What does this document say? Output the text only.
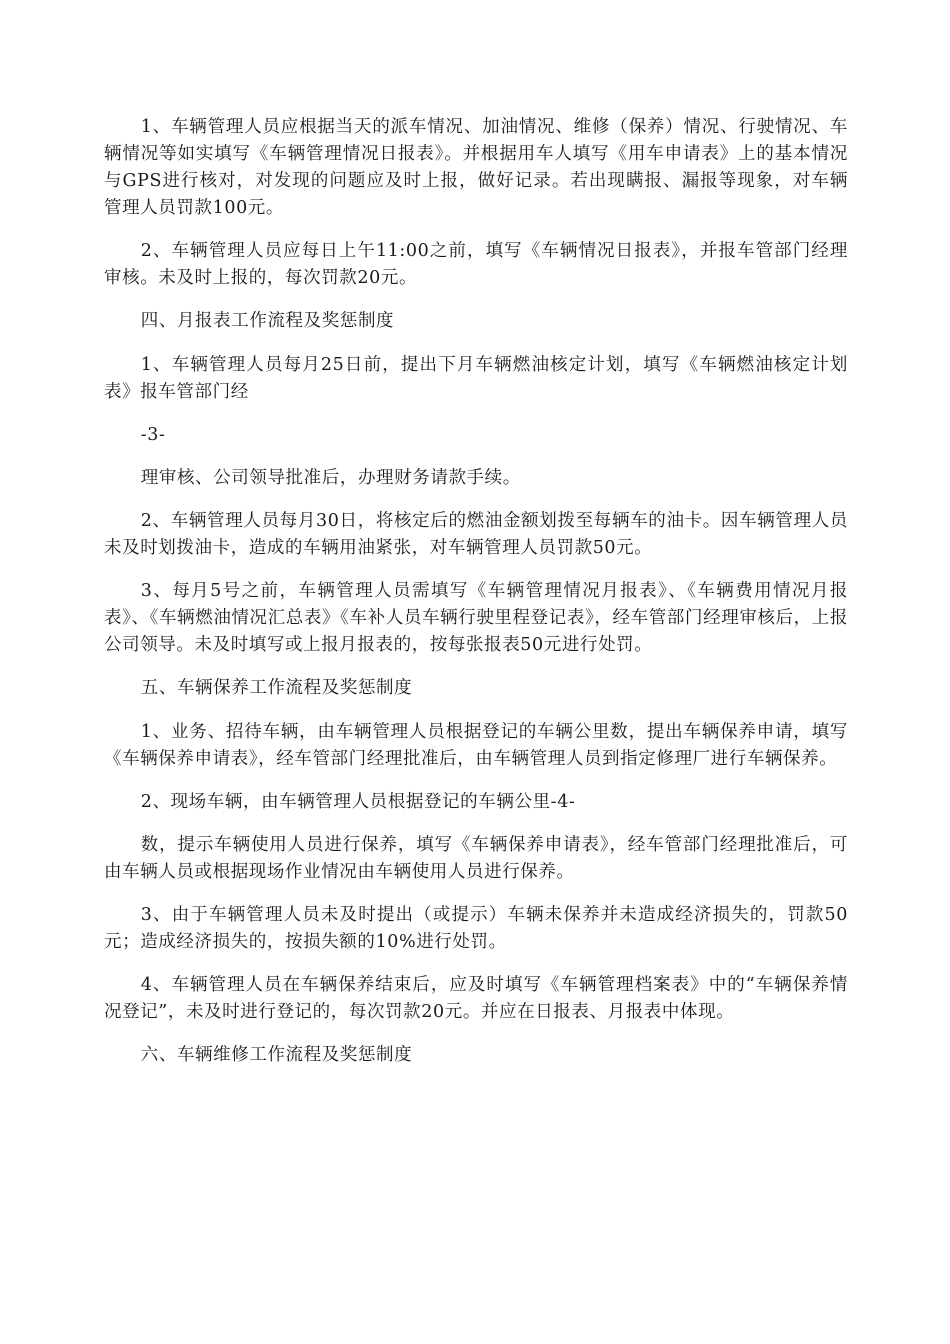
1、车辆管理人员应根据当天的派车情况、加油情况、维修（保养）情况、行驶情况、车辆情况等如实填写《车辆管理情况日报表》。并根据用车人填写《用车申请表》上的基本情况与GPS进行核对，对发现的问题应及时上报，做好记录。若出现瞒报、漏报等现象，对车辆管理人员罚款100元。

2、车辆管理人员应每日上午11:00之前，填写《车辆情况日报表》，并报车管部门经理审核。未及时上报的，每次罚款20元。

四、月报表工作流程及奖惩制度

1、车辆管理人员每月25日前，提出下月车辆燃油核定计划，填写《车辆燃油核定计划表》报车管部门经

-3-

理审核、公司领导批准后，办理财务请款手续。

2、车辆管理人员每月30日，将核定后的燃油金额划拨至每辆车的油卡。因车辆管理人员未及时划拨油卡，造成的车辆用油紧张，对车辆管理人员罚款50元。

3、每月5号之前，车辆管理人员需填写《车辆管理情况月报表》、《车辆费用情况月报表》、《车辆燃油情况汇总表》《车补人员车辆行驶里程登记表》，经车管部门经理审核后，上报公司领导。未及时填写或上报月报表的，按每张报表50元进行处罚。

五、车辆保养工作流程及奖惩制度

1、业务、招待车辆，由车辆管理人员根据登记的车辆公里数，提出车辆保养申请，填写《车辆保养申请表》，经车管部门经理批准后，由车辆管理人员到指定修理厂进行车辆保养。

2、现场车辆，由车辆管理人员根据登记的车辆公里-4-

数，提示车辆使用人员进行保养，填写《车辆保养申请表》，经车管部门经理批准后，可由车辆人员或根据现场作业情况由车辆使用人员进行保养。

3、由于车辆管理人员未及时提出（或提示）车辆未保养并未造成经济损失的，罚款50元；造成经济损失的，按损失额的10%进行处罚。

4、车辆管理人员在车辆保养结束后，应及时填写《车辆管理档案表》中的“车辆保养情况登记”，未及时进行登记的，每次罚款20元。并应在日报表、月报表中体现。

六、车辆维修工作流程及奖惩制度
